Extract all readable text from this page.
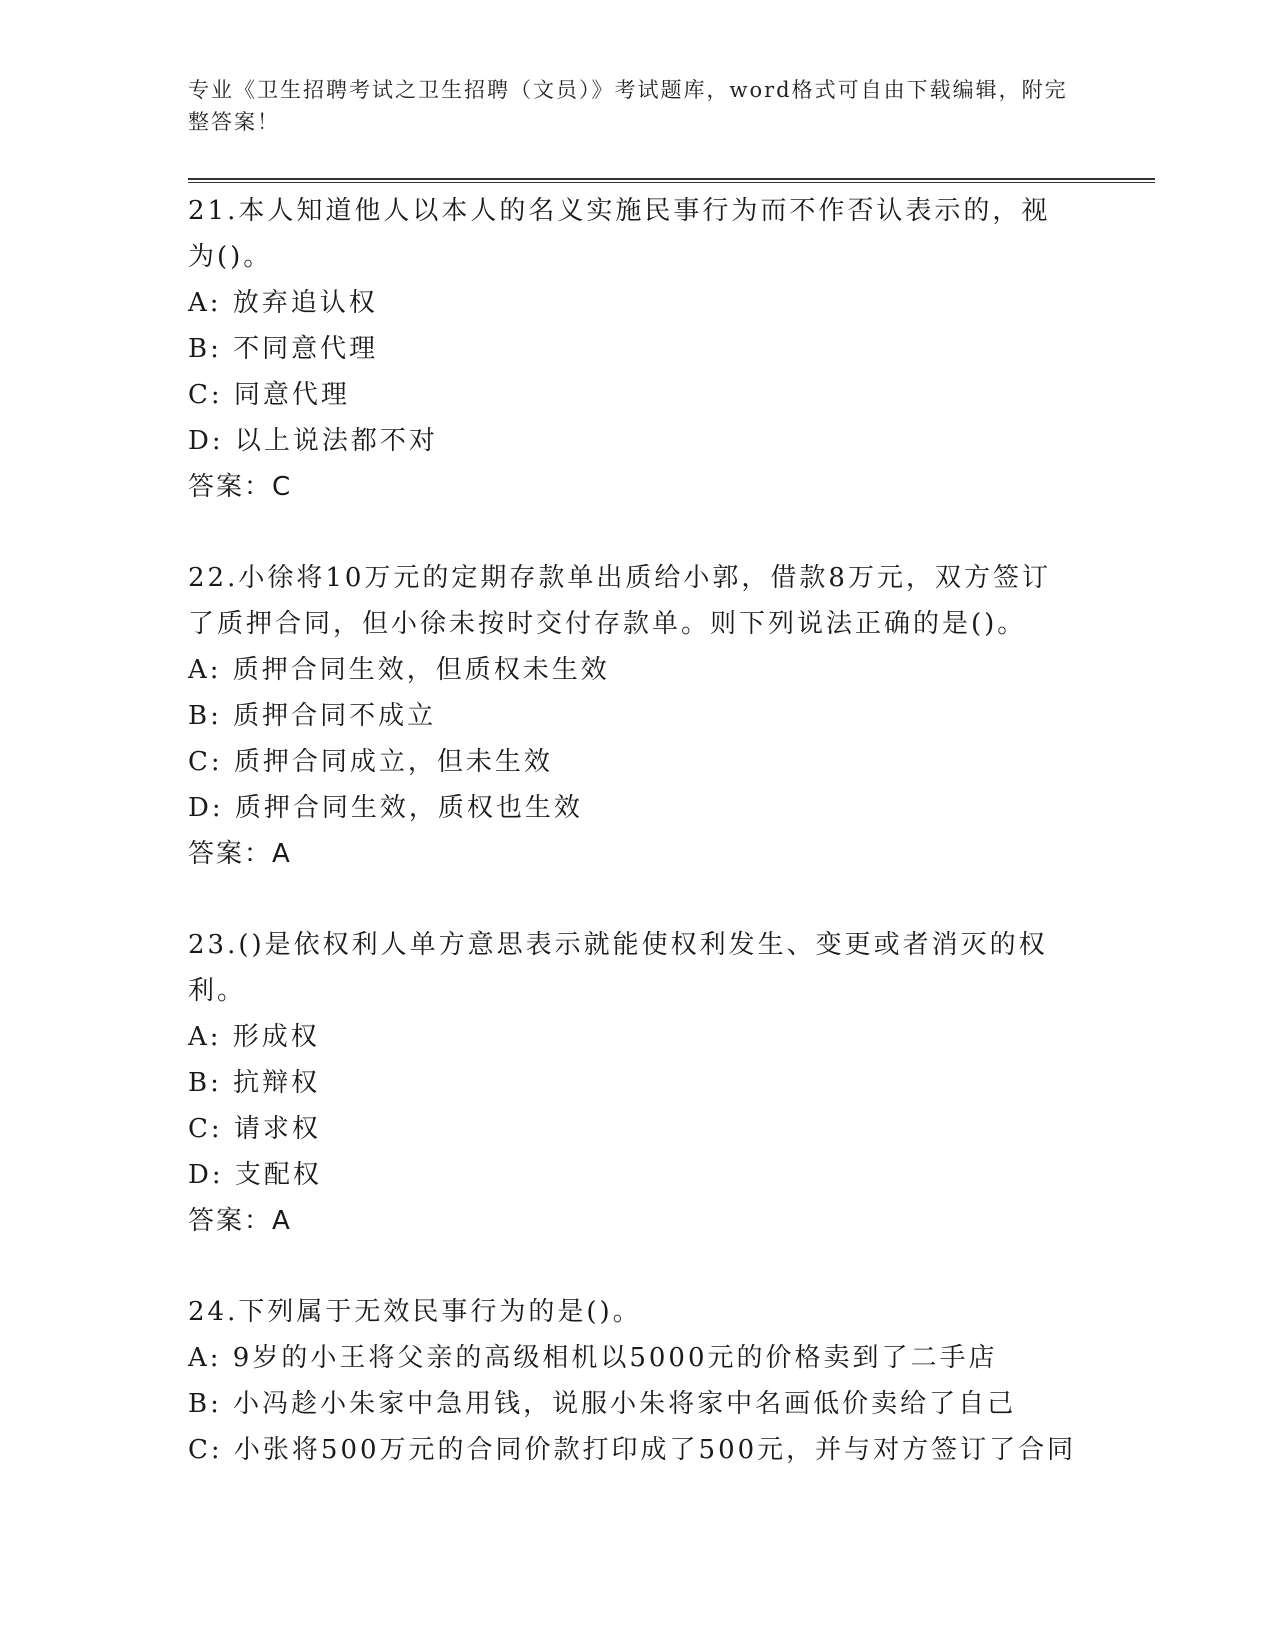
专业《卫生招聘考试之卫生招聘（文员）》考试题库，word格式可自由下载编辑，附完整答案！
21.本人知道他人以本人的名义实施民事行为而不作否认表示的，视为()。
A: 放弃追认权
B: 不同意代理
C: 同意代理
D: 以上说法都不对
答案：C
22.小徐将10万元的定期存款单出质给小郭，借款8万元，双方签订了质押合同，但小徐未按时交付存款单。则下列说法正确的是()。
A: 质押合同生效，但质权未生效
B: 质押合同不成立
C: 质押合同成立，但未生效
D: 质押合同生效，质权也生效
答案：A
23.()是依权利人单方意思表示就能使权利发生、变更或者消灭的权利。
A: 形成权
B: 抗辩权
C: 请求权
D: 支配权
答案：A
24.下列属于无效民事行为的是()。
A: 9岁的小王将父亲的高级相机以5000元的价格卖到了二手店
B: 小冯趁小朱家中急用钱，说服小朱将家中名画低价卖给了自己
C: 小张将500万元的合同价款打印成了500元，并与对方签订了合同
